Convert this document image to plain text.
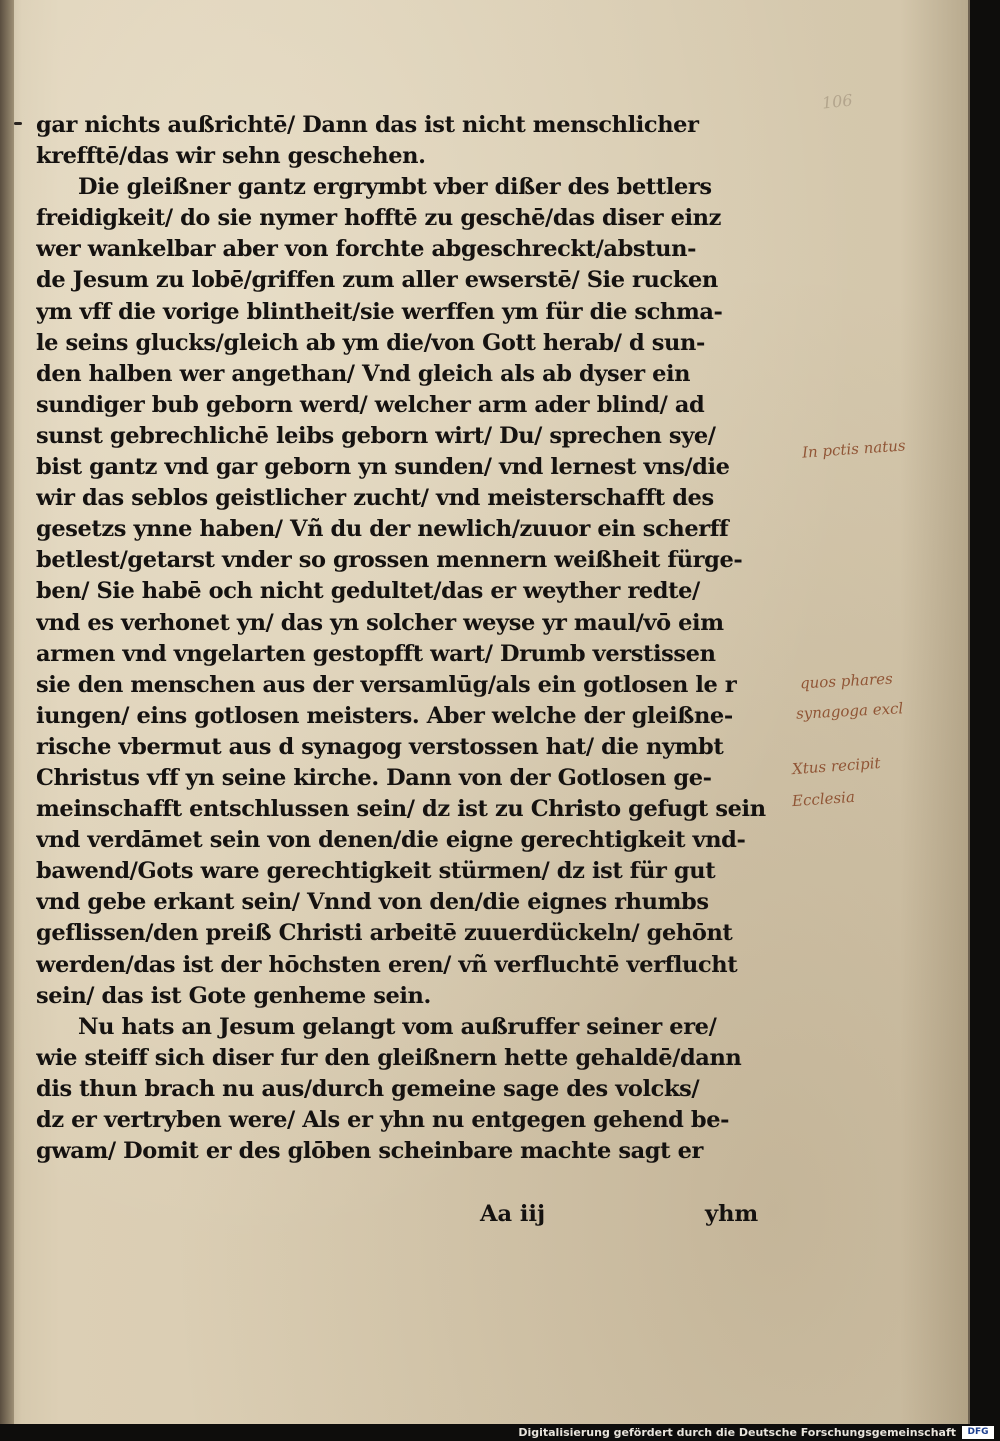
106
gar nichts außrichtē/ Dann das ist nicht menschlicher
krefftē/das wir sehn geschehen.
Die gleißner gantz ergrymbt vber dißer des bettlers
freidigkeit/ do sie nymer hofftē zu geschē/das diser einz
wer wankelbar aber von forchte abgeschreckt/abstun-
de Jesum zu lobē/griffen zum aller ewserstē/ Sie rucken
ym vff die vorige blintheit/sie werffen ym für die schma-
le seins glucks/gleich ab ym die/von Gott herab/ d sun-
den halben wer angethan/ Vnd gleich als ab dyser ein
sundiger bub geborn werd/ welcher arm ader blind/ ad
sunst gebrechlichē leibs geborn wirt/ Du/ sprechen sye/
bist gantz vnd gar geborn yn sunden/ vnd lernest vns/die
wir das seblos geistlicher zucht/ vnd meisterschafft des
gesetzs ynne haben/ Vñ du der newlich/zuuor ein scherff
betlest/getarst vnder so grossen mennern weißheit fürge-
ben/ Sie habē och nicht gedultet/das er weyther redte/
vnd es verhonet yn/ das yn solcher weyse yr maul/vō eim
armen vnd vngelarten gestopfft wart/ Drumb verstissen
sie den menschen aus der versamlūg/als ein gotlosen le r
iungen/ eins gotlosen meisters. Aber welche der gleißne-
rische vbermut aus d synagog verstossen hat/ die nymbt
Christus vff yn seine kirche. Dann von der Gotlosen ge-
meinschafft entschlussen sein/ dz ist zu Christo gefugt sein
vnd verdāmet sein von denen/die eigne gerechtigkeit vnd-
bawend/Gots ware gerechtigkeit stürmen/ dz ist für gut
vnd gebe erkant sein/ Vnnd von den/die eignes rhumbs
geflissen/den preiß Christi arbeitē zuuerdückeln/ gehōnt
werden/das ist der hōchsten eren/ vñ verfluchtē verflucht
sein/ das ist Gote genheme sein.
Nu hats an Jesum gelangt vom außruffer seiner ere/
wie steiff sich diser fur den gleißnern hette gehaldē/dann
dis thun brach nu aus/durch gemeine sage des volcks/
dz er vertryben were/ Als er yhn nu entgegen gehend be-
gwam/ Domit er des glōben scheinbare machte sagt er
Aa iij	yhm
In pctis natus
quos phares
synagoga excl
Xtus recipit
Ecclesia
Digitalisierung gefördert durch die Deutsche Forschungsgemeinschaft	DFG
